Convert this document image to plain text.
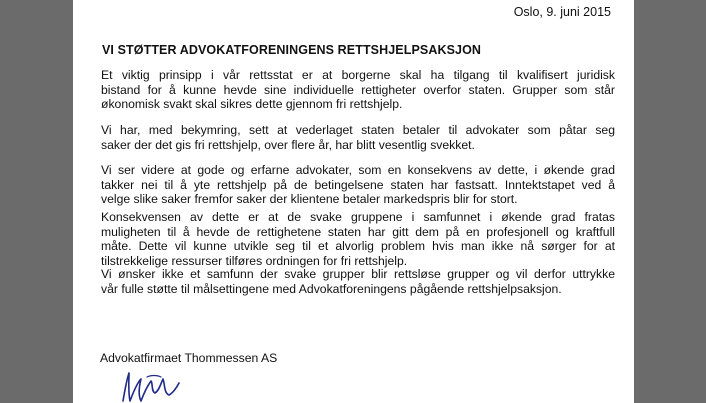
Oslo, 9. juni 2015
VI STØTTER ADVOKATFORENINGENS RETTSHJELPSAKSJON
Et viktig prinsipp i vår rettsstat er at borgerne skal ha tilgang til kvalifisert juridisk
bistand for å kunne hevde sine individuelle rettigheter overfor staten. Grupper som står
økonomisk svakt skal sikres dette gjennom fri rettshjelp.
Vi har, med bekymring, sett at vederlaget staten betaler til advokater som påtar seg
saker der det gis fri rettshjelp, over flere år, har blitt vesentlig svekket.
Vi ser videre at gode og erfarne advokater, som en konsekvens av dette, i økende grad
takker nei til å yte rettshjelp på de betingelsene staten har fastsatt. Inntektstapet ved å
velge slike saker fremfor saker der klientene betaler markedspris blir for stort.
Konsekvensen av dette er at de svake gruppene i samfunnet i økende grad fratas
muligheten til å hevde de rettighetene staten har gitt dem på en profesjonell og kraftfull
måte. Dette vil kunne utvikle seg til et alvorlig problem hvis man ikke nå sørger for at
tilstrekkelige ressurser tilføres ordningen for fri rettshjelp.
Vi ønsker ikke et samfunn der svake grupper blir rettsløse grupper og vil derfor uttrykke
vår fulle støtte til målsettingene med Advokatforeningens pågående rettshjelpsaksjon.
Advokatfirmaet Thommessen AS
